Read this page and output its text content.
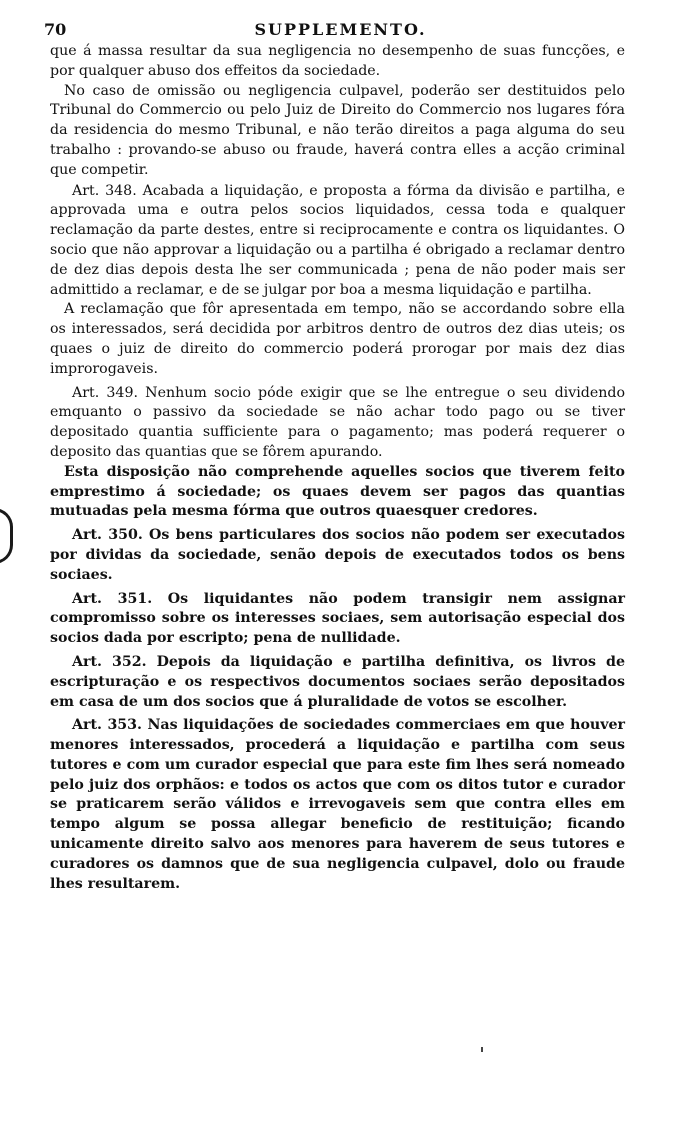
70	SUPPLEMENTO.

que á massa resultar da sua negligencia no desempenho de suas funcções, e por qualquer abuso dos effeitos da sociedade.

No caso de omissão ou negligencia culpavel, poderão ser destituidos pelo Tribunal do Commercio ou pelo Juiz de Direito do Commercio nos lugares fóra da residencia do mesmo Tribunal, e não terão direitos a paga alguma do seu trabalho : provando-se abuso ou fraude, haverá contra elles a acção criminal que competir.

Art. 348. Acabada a liquidação, e proposta a fórma da divisão e partilha, e approvada uma e outra pelos socios liquidados, cessa toda e qualquer reclamação da parte destes, entre si reciprocamente e contra os liquidantes. O socio que não approvar a liquidação ou a partilha é obrigado a reclamar dentro de dez dias depois desta lhe ser communicada ; pena de não poder mais ser admittido a reclamar, e de se julgar por boa a mesma liquidação e partilha.

A reclamação que fôr apresentada em tempo, não se accordando sobre ella os interessados, será decidida por arbitros dentro de outros dez dias uteis; os quaes o juiz de direito do commercio poderá prorogar por mais dez dias improrogaveis.

Art. 349. Nenhum socio póde exigir que se lhe entregue o seu dividendo emquanto o passivo da sociedade se não achar todo pago ou se tiver depositado quantia sufficiente para o pagamento; mas poderá requerer o deposito das quantias que se fôrem apurando.

Esta disposição não comprehende aquelles socios que tiverem feito emprestimo á sociedade; os quaes devem ser pagos das quantias mutuadas pela mesma fórma que outros quaesquer credores.

Art. 350. Os bens particulares dos socios não podem ser executados por dividas da sociedade, senão depois de executados todos os bens sociaes.

Art. 351. Os liquidantes não podem transigir nem assignar compromisso sobre os interesses sociaes, sem autorisação especial dos socios dada por escripto; pena de nullidade.

Art. 352. Depois da liquidação e partilha definitiva, os livros de escripturação e os respectivos documentos sociaes serão depositados em casa de um dos socios que á pluralidade de votos se escolher.

Art. 353. Nas liquidações de sociedades commerciaes em que houver menores interessados, procederá a liquidação e partilha com seus tutores e com um curador especial que para este fim lhes será nomeado pelo juiz dos orphãos: e todos os actos que com os ditos tutor e curador se praticarem serão válidos e irrevogaveis sem que contra elles em tempo algum se possa allegar beneficio de restituição; ficando unicamente direito salvo aos menores para haverem de seus tutores e curadores os damnos que de sua negligencia culpavel, dolo ou fraude lhes resultarem.
